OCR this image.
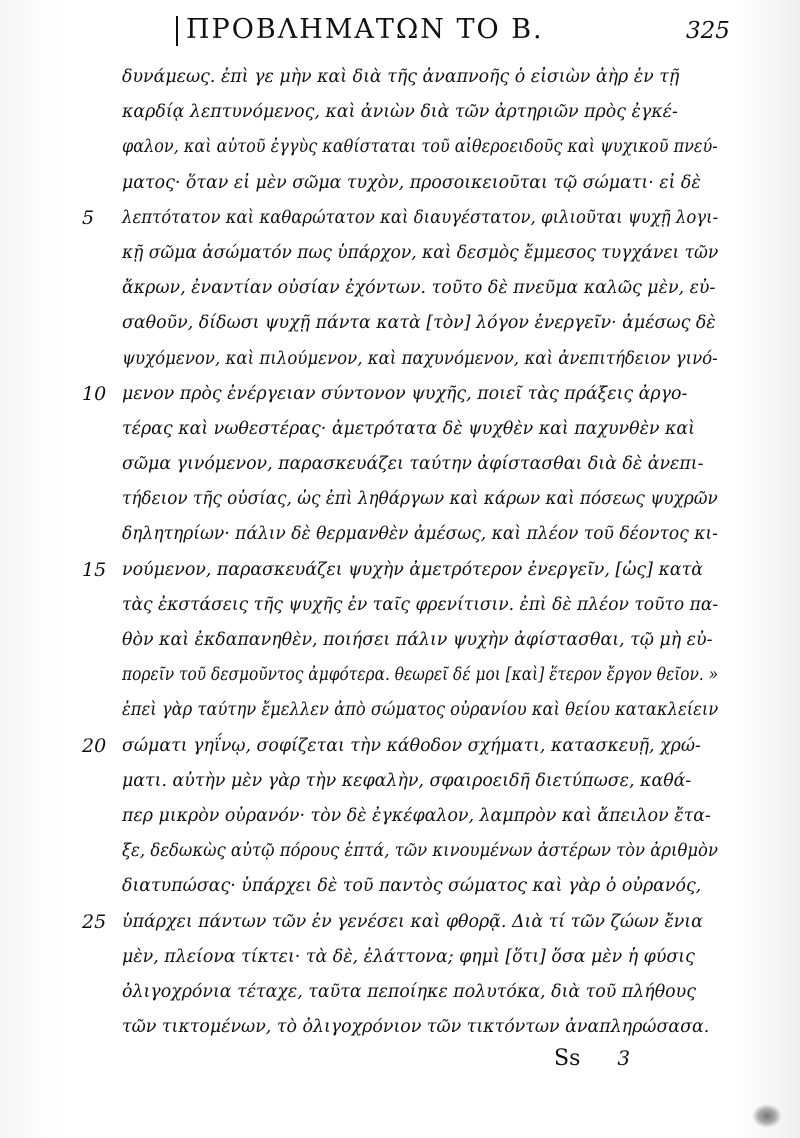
ΠΡΟΒΛΗΜΑΤΩΝ ΤΟ Β.	325
δυνάμεως. ἐπὶ γε μὴν καὶ διὰ τῆς ἀναπνοῆς ὁ εἰσιὼν ἀὴρ ἐν τῇ
καρδίᾳ λεπτυνόμενος, καὶ ἀνιὼν διὰ τῶν ἀρτηριῶν πρὸς ἐγκέ-
φαλον, καὶ αὐτοῦ ἐγγὺς καθίσταται τοῦ αἰθεροειδοῦς καὶ ψυχικοῦ πνεύ-
ματος· ὅταν εἰ μὲν σῶμα τυχὸν, προσοικειοῦται τῷ σώματι· εἰ δὲ
5	λεπτότατον καὶ καθαρώτατον καὶ διαυγέστατον, φιλιοῦται ψυχῇ λογι-
κῇ σῶμα ἀσώματόν πως ὑπάρχον, καὶ δεσμὸς ἔμμεσος τυγχάνει τῶν
ἄκρων, ἐναντίαν οὐσίαν ἐχόντων. τοῦτο δὲ πνεῦμα καλῶς μὲν, εὐ-
σαθοῦν, δίδωσι ψυχῇ πάντα κατὰ [τὸν] λόγον ἐνεργεῖν· ἀμέσως δὲ
ψυχόμενον, καὶ πιλούμενον, καὶ παχυνόμενον, καὶ ἀνεπιτήδειον γινό-
10 μενον πρὸς ἐνέργειαν σύντονον ψυχῆς, ποιεῖ τὰς πράξεις ἀργο-
τέρας καὶ νωθεστέρας· ἀμετρότατα δὲ ψυχθὲν καὶ παχυνθὲν καὶ
σῶμα γινόμενον, παρασκευάζει ταύτην ἀφίστασθαι διὰ δὲ ἀνεπι-
τήδειον τῆς οὐσίας, ὡς ἐπὶ ληθάργων καὶ κάρων καὶ πόσεως ψυχρῶν
δηλητηρίων· πάλιν δὲ θερμανθὲν ἀμέσως, καὶ πλέον τοῦ δέοντος κι-
15 νούμενον, παρασκευάζει ψυχὴν ἀμετρότερον ἐνεργεῖν, [ὡς] κατὰ
τὰς ἐκστάσεις τῆς ψυχῆς ἐν ταῖς φρενίτισιν. ἐπὶ δὲ πλέον τοῦτο πα-
θὸν καὶ ἐκδαπανηθὲν, ποιήσει πάλιν ψυχὴν ἀφίστασθαι, τῷ μὴ εὐ-
πορεῖν τοῦ δεσμοῦντος ἀμφότερα. θεωρεῖ δέ μοι [καὶ] ἕτερον ἔργον θεῖον. »
ἐπεὶ γὰρ ταύτην ἔμελλεν ἀπὸ σώματος οὐρανίου καὶ θείου κατακλείειν
20 σώματι γηΐνῳ, σοφίζεται τὴν κάθοδον σχήματι, κατασκευῇ, χρώ-
ματι. αὐτὴν μὲν γὰρ τὴν κεφαλὴν, σφαιροειδῆ διετύπωσε, καθά-
περ μικρὸν οὐρανόν· τὸν δὲ ἐγκέφαλον, λαμπρὸν καὶ ἄπειλον ἔτα-
ξε, δεδωκὼς αὐτῷ πόρους ἑπτά, τῶν κινουμένων ἀστέρων τὸν ἀριθμὸν
διατυπώσας· ὑπάρχει δὲ τοῦ παντὸς σώματος καὶ γὰρ ὁ οὐρανός,
25 ὑπάρχει πάντων τῶν ἐν γενέσει καὶ φθορᾷ. Διὰ τί τῶν ζώων ἔνια
μὲν, πλείονα τίκτει· τὰ δὲ, ἐλάττονα; φημὶ [ὅτι] ὅσα μὲν ἡ φύσις
ὀλιγοχρόνια τέταχε, ταῦτα πεποίηκε πολυτόκα, διὰ τοῦ πλήθους
τῶν τικτομένων, τὸ ὀλιγοχρόνιον τῶν τικτόντων ἀναπληρώσασα.
Ss 3
